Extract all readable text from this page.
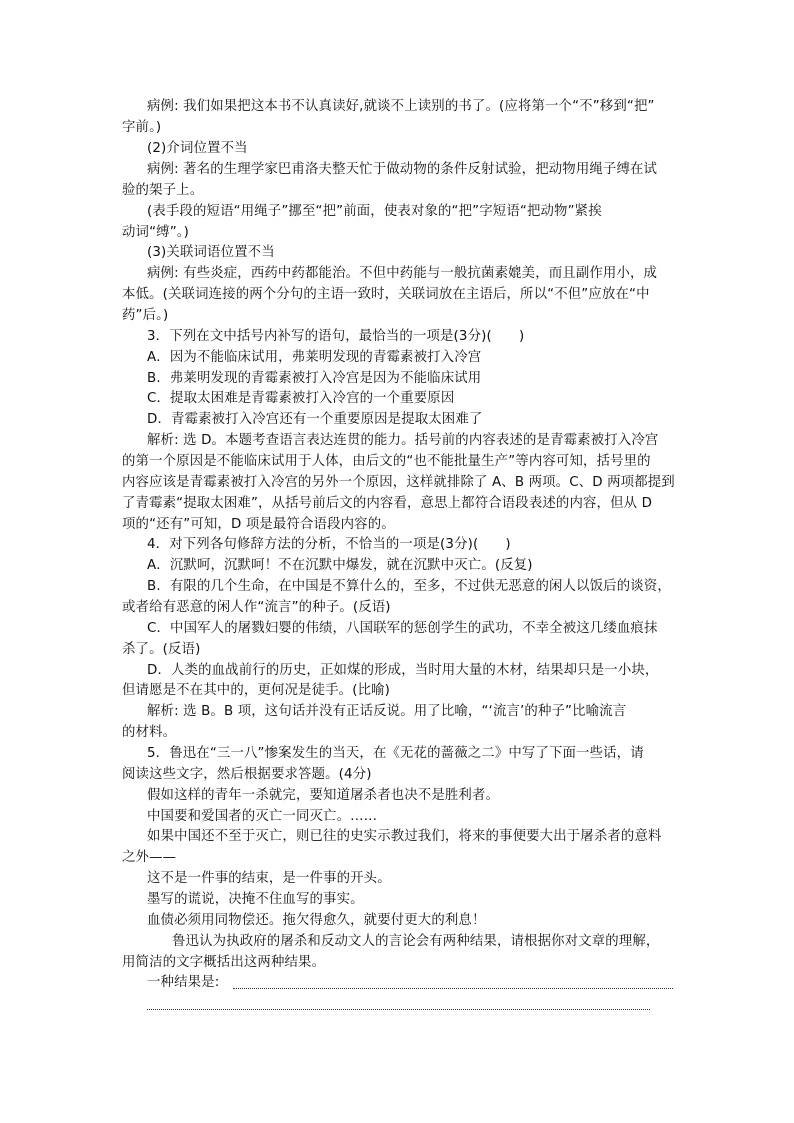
病例: 我们如果把这本书不认真读好,就谈不上读别的书了。(应将第一个“不”移到“把”
字前。)
(2)介词位置不当
病例: 著名的生理学家巴甫洛夫整天忙于做动物的条件反射试验，把动物用绳子缚在试
验的架子上。
(表手段的短语“用绳子”挪至“把”前面，使表对象的“把”字短语“把动物”紧挨
动词“缚”。)
(3)关联词语位置不当
病例: 有些炎症，西药中药都能治。不但中药能与一般抗菌素媲美，而且副作用小，成
本低。(关联词连接的两个分句的主语一致时，关联词放在主语后，所以“不但”应放在“中
药”后。)
3．下列在文中括号内补写的语句，最恰当的一项是(3分)(　　)
A．因为不能临床试用，弗莱明发现的青霉素被打入冷宫
B．弗莱明发现的青霉素被打入冷宫是因为不能临床试用
C．提取太困难是青霉素被打入冷宫的一个重要原因
D．青霉素被打入冷宫还有一个重要原因是提取太困难了
解析: 选 D。本题考查语言表达连贯的能力。括号前的内容表述的是青霉素被打入冷宫
的第一个原因是不能临床试用于人体，由后文的“也不能批量生产”等内容可知，括号里的
内容应该是青霉素被打入冷宫的另外一个原因，这样就排除了 A、B 两项。C、D 两项都提到
了青霉素“提取太困难”，从括号前后文的内容看，意思上都符合语段表述的内容，但从 D
项的“还有”可知，D 项是最符合语段内容的。
4．对下列各句修辞方法的分析，不恰当的一项是(3分)(　　)
A．沉默呵，沉默呵！不在沉默中爆发，就在沉默中灭亡。(反复)
B．有限的几个生命，在中国是不算什么的，至多，不过供无恶意的闲人以饭后的谈资，
或者给有恶意的闲人作“流言”的种子。(反语)
C．中国军人的屠戮妇婴的伟绩，八国联军的惩创学生的武功，不幸全被这几缕血痕抹
杀了。(反语)
D．人类的血战前行的历史，正如煤的形成，当时用大量的木材，结果却只是一小块，
但请愿是不在其中的，更何况是徒手。(比喻)
解析: 选 B。B 项，这句话并没有正话反说。用了比喻，“‘流言’的种子”比喻流言
的材料。
5．鲁迅在“三一八”惨案发生的当天，在《无花的蔷薇之二》中写了下面一些话，请
阅读这些文字，然后根据要求答题。(4分)
假如这样的青年一杀就完，要知道屠杀者也决不是胜利者。
中国要和爱国者的灭亡一同灭亡。……
如果中国还不至于灭亡，则已往的史实示教过我们，将来的事便要大出于屠杀者的意料
之外——
这不是一件事的结束，是一件事的开头。
墨写的谎说，决掩不住血写的事实。
血债必须用同物偿还。拖欠得愈久，就要付更大的利息！
鲁迅认为执政府的屠杀和反动文人的言论会有两种结果，请根据你对文章的理解，
用简洁的文字概括出这两种结果。
一种结果是:
